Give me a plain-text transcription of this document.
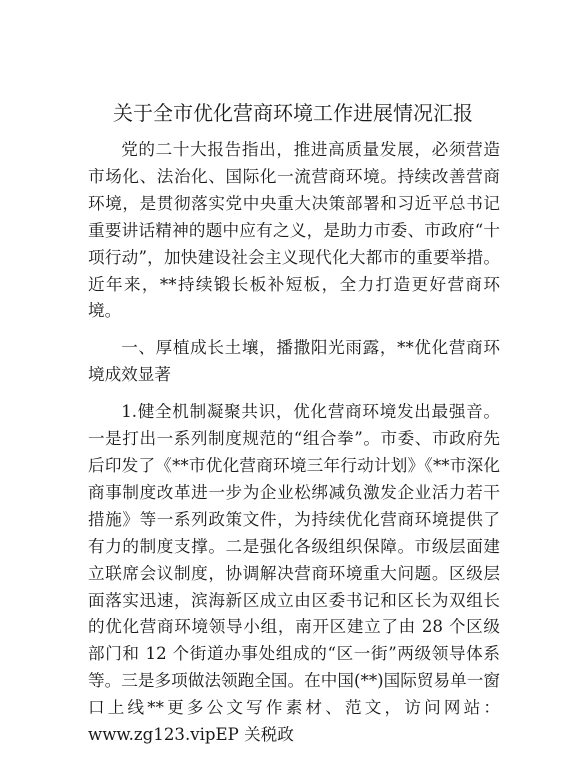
关于全市优化营商环境工作进展情况汇报

党的二十大报告指出，推进高质量发展，必须营造市场化、法治化、国际化一流营商环境。持续改善营商环境，是贯彻落实党中央重大决策部署和习近平总书记重要讲话精神的题中应有之义，是助力市委、市政府“十项行动”，加快建设社会主义现代化大都市的重要举措。近年来，**持续锻长板补短板，全力打造更好营商环境。

一、厚植成长土壤，播撒阳光雨露，**优化营商环境成效显著

1.健全机制凝聚共识，优化营商环境发出最强音。一是打出一系列制度规范的“组合拳”。市委、市政府先后印发了《**市优化营商环境三年行动计划》《**市深化商事制度改革进一步为企业松绑减负激发企业活力若干措施》等一系列政策文件，为持续优化营商环境提供了有力的制度支撑。二是强化各级组织保障。市级层面建立联席会议制度，协调解决营商环境重大问题。区级层面落实迅速，滨海新区成立由区委书记和区长为双组长的优化营商环境领导小组，南开区建立了由 28 个区级部门和 12 个街道办事处组成的“区一街”两级领导体系等。三是多项做法领跑全国。在中国(**)国际贸易单一窗口上线**更多公文写作素材、范文，访问网站：www.zg123.vipEP 关税政
